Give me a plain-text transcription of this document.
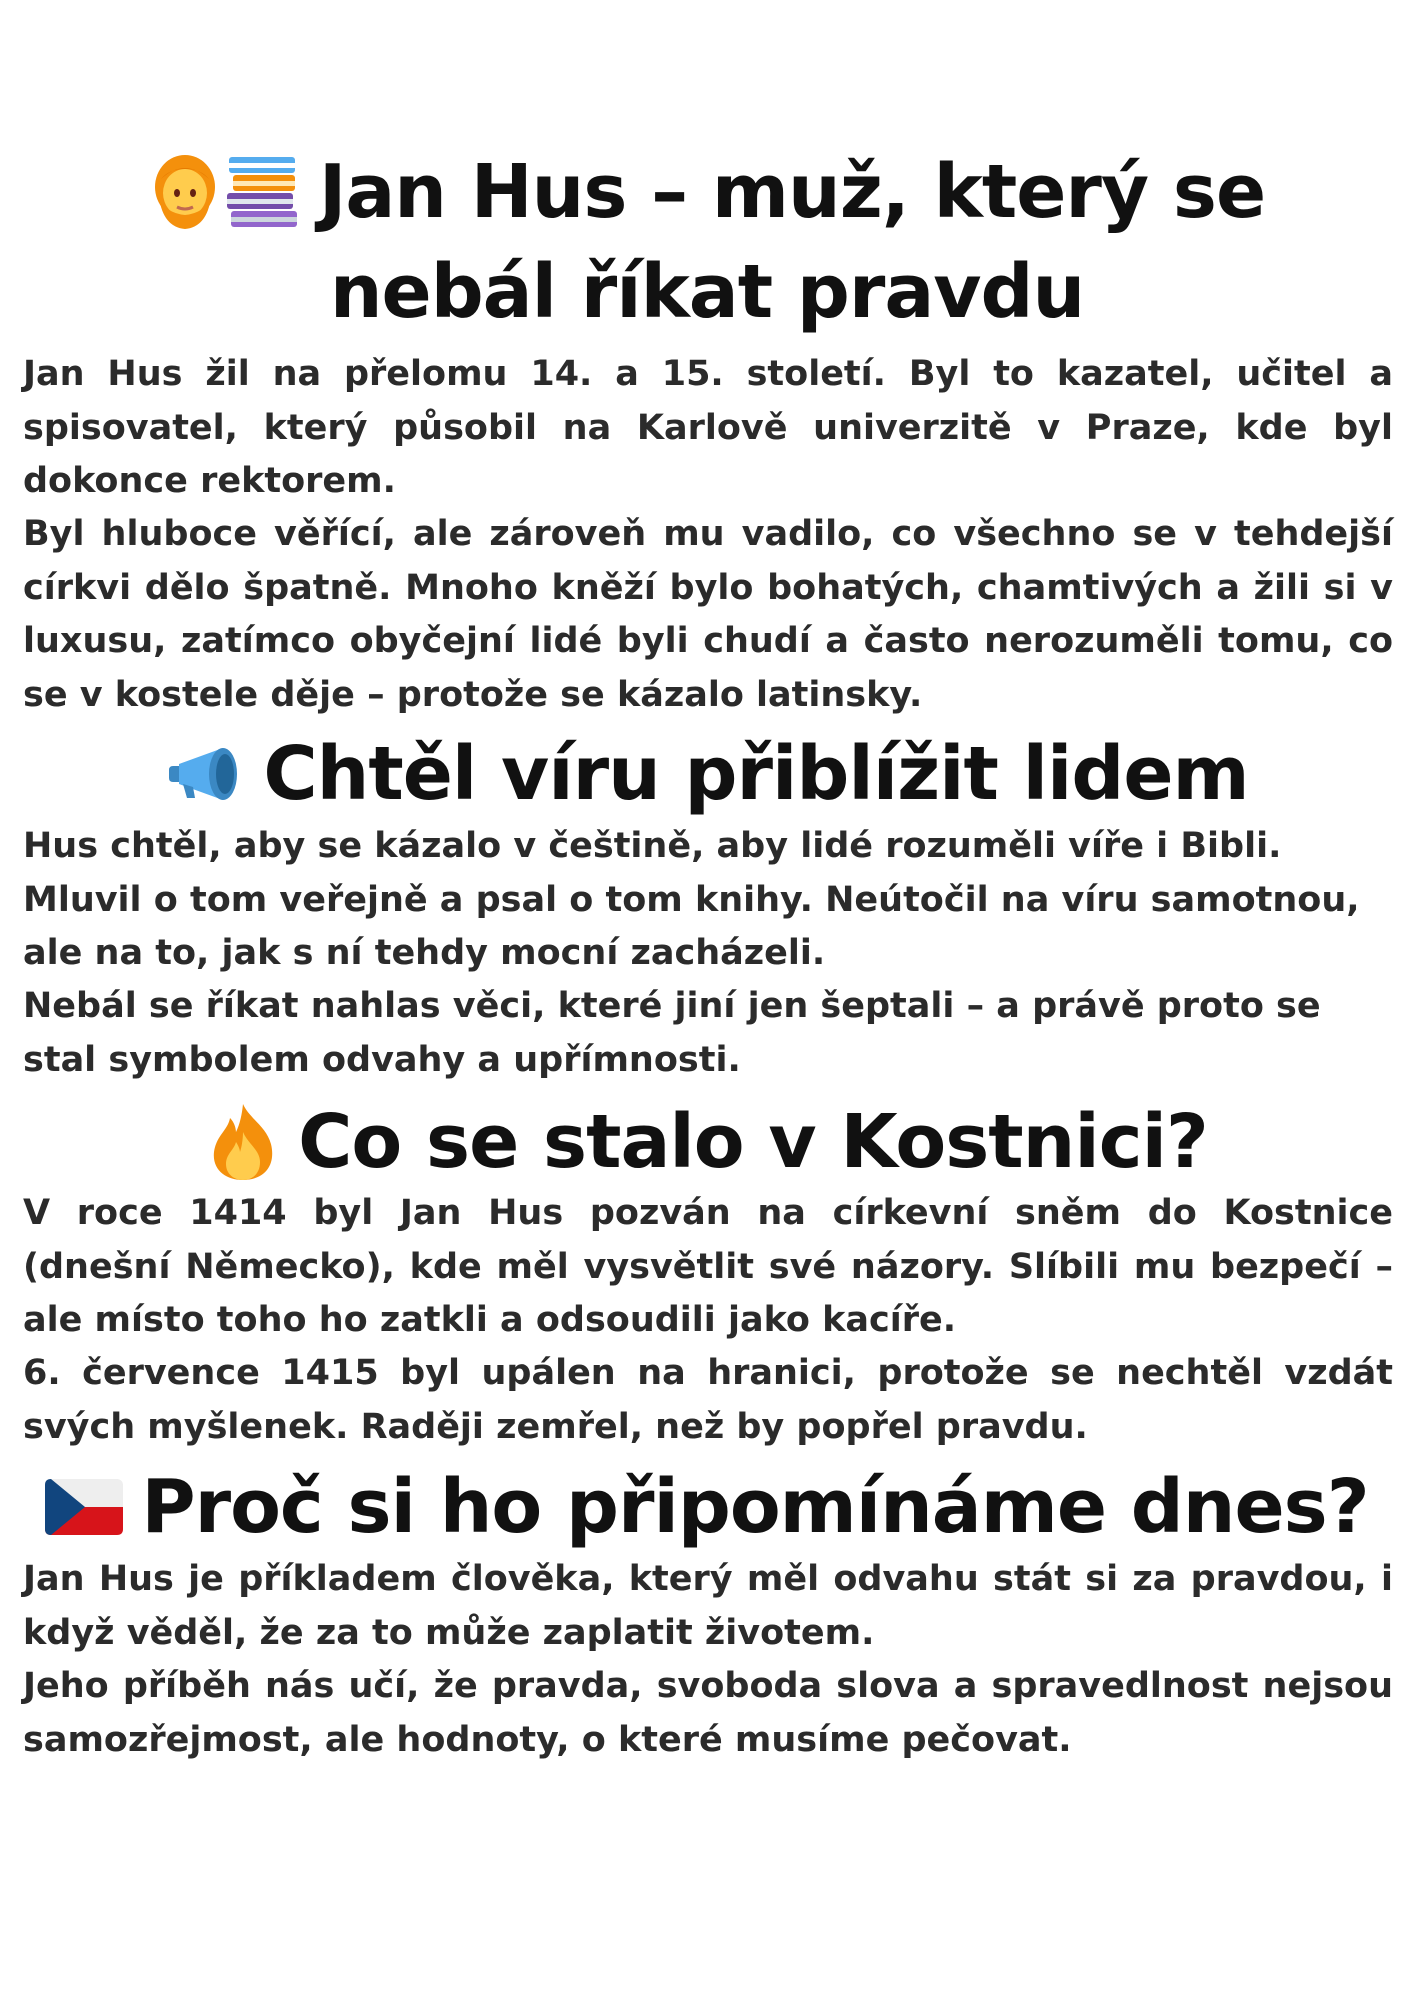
Jan Hus – muž, který se
nebál říkat pravdu

Jan Hus žil na přelomu 14. a 15. století. Byl to kazatel, učitel a spisovatel, který působil na Karlově univerzitě v Praze, kde byl dokonce rektorem.

Byl hluboce věřící, ale zároveň mu vadilo, co všechno se v tehdejší církvi dělo špatně. Mnoho kněží bylo bohatých, chamtivých a žili si v luxusu, zatímco obyčejní lidé byli chudí a často nerozuměli tomu, co se v kostele děje – protože se kázalo latinsky.

Chtěl víru přiblížit lidem

Hus chtěl, aby se kázalo v češtině, aby lidé rozuměli víře i Bibli. Mluvil o tom veřejně a psal o tom knihy. Neútočil na víru samotnou, ale na to, jak s ní tehdy mocní zacházeli.

Nebál se říkat nahlas věci, které jiní jen šeptali – a právě proto se stal symbolem odvahy a upřímnosti.

Co se stalo v Kostnici?

V roce 1414 byl Jan Hus pozván na církevní sněm do Kostnice (dnešní Německo), kde měl vysvětlit své názory. Slíbili mu bezpečí – ale místo toho ho zatkli a odsoudili jako kacíře.

6. července 1415 byl upálen na hranici, protože se nechtěl vzdát svých myšlenek. Raději zemřel, než by popřel pravdu.

Proč si ho připomínáme dnes?

Jan Hus je příkladem člověka, který měl odvahu stát si za pravdou, i když věděl, že za to může zaplatit životem.

Jeho příběh nás učí, že pravda, svoboda slova a spravedlnost nejsou samozřejmost, ale hodnoty, o které musíme pečovat.
